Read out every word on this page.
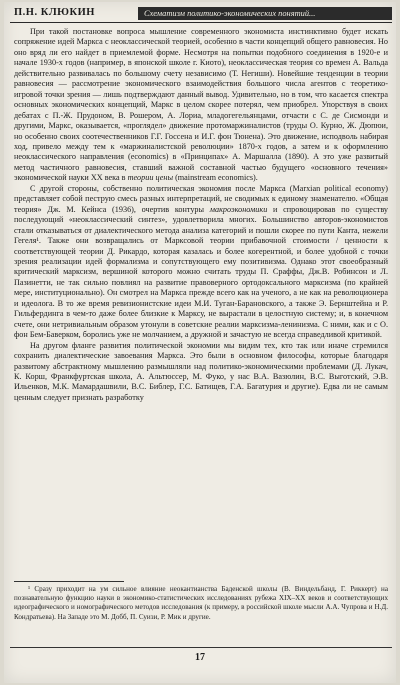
П.Н. КЛЮКИН	Схематизм политико-экономических понятий...

При такой постановке вопроса мышление современного экономиста инстинктивно будет искать сопряжение идей Маркса с неоклассической теорией, особенно в части концепций общего равновесия. Но оно вряд ли его найдет в приемлемой форме. Несмотря на попытки подобного соединения в 1920-е и начале 1930-х годов (например, в японской школе г. Киото), неоклассическая теория со времен А. Вальда действительно развивалась по большому счету независимо (Т. Негиши). Новейшие тенденции в теории равновесия — рассмотрение экономического взаимодействия большого числа агентов с теоретико-игровой точки зрения — лишь подтверждают данный вывод. Удивительно, но в том, что касается спектра основных экономических концепций, Маркс в целом скорее потерял, чем приобрел. Упорствуя в своих дебатах с П.-Ж. Прудоном, В. Рошером, А. Лориа, младогегельянцами, отчасти с С. де Сисмонди и другими, Маркс, оказывается, «проглядел» движение протомаржиналистов (труды О. Курно, Ж. Дюпюи, но особенно своих соотечественников Г.Г. Госсена и И.Г. фон Тюнена). Это движение, исподволь набирая ход, привело между тем к «маржиналистской революции» 1870-х годов, а затем и к оформлению неоклассического направления (economics) в «Принципах» А. Маршалла (1890). А это уже развитый метод частичного равновесия, ставший важной составной частью будущего «основного течения» экономической науки XX века в теории цены (mainstream economics).

С другой стороны, собственно политическая экономия после Маркса (Marxian political economy) представляет собой пеструю смесь разных интерпретаций, не сводимых к единому знаменателю. «Общая теория» Дж. М. Кейнса (1936), очертив контуры макроэкономики и спровоцировав по существу последующий «неоклассический синтез», удовлетворила многих. Большинство авторов-экономистов стали отказываться от диалектического метода анализа категорий и пошли скорее по пути Канта, нежели Гегеля¹. Также они возвращались от Марксовой теории прибавочной стоимости / ценности к соответствующей теории Д. Рикардо, которая казалась и более когерентной, и более удобной с точки зрения реализации идей формализма и сопутствующего ему позитивизма. Однако этот своеобразный критический марксизм, вершиной которого можно считать труды П. Сраффы, Дж.В. Робинсон и Л. Пазинетти, не так сильно повлиял на развитие правоверного ортодоксального марксизма (по крайней мере, институционально). Он смотрел на Маркса прежде всего как на ученого, а не как на революционера и идеолога. В то же время ревизионистские идеи М.И. Туган-Барановского, а также Э. Бернштейна и Р. Гильфердинга в чем-то даже более близкие к Марксу, не вырастали в целостную систему; и, в конечном счете, они нетривиальным образом утонули в советские реалии марксизма-ленинизма. С ними, как и с О. фон Бем-Баверком, боролись уже не молчанием, а дружной и зачастую не всегда справедливой критикой.

На другом фланге развития политической экономии мы видим тех, кто так или иначе стремился сохранить диалектические завоевания Маркса. Это были в основном философы, которые благодаря развитому абстрактному мышлению размышляли над политико-экономическими проблемами (Д. Лукач, К. Корш, Франкфуртская школа, А. Альтюссер, М. Фуко, у нас В.А. Вазюлин, В.С. Выготский, Э.В. Ильенков, М.К. Мамардашвили, В.С. Библер, Г.С. Батищев, Г.А. Багатурия и другие). Едва ли не самым ценным следует признать разработку

¹ Сразу приходит на ум сильное влияние неокантианства Баденской школы (В. Виндельбанд, Г. Риккерт) на познавательную функцию науки в экономико-статистических исследованиях рубежа XIX–XX веков и соответствующих идеографического и номографического методов исследования (к примеру, в российской школе мысли А.А. Чупрова и Н.Д. Кондратьева). На Западе это М. Добб, П. Суизи, Р. Мик и другие.

17
